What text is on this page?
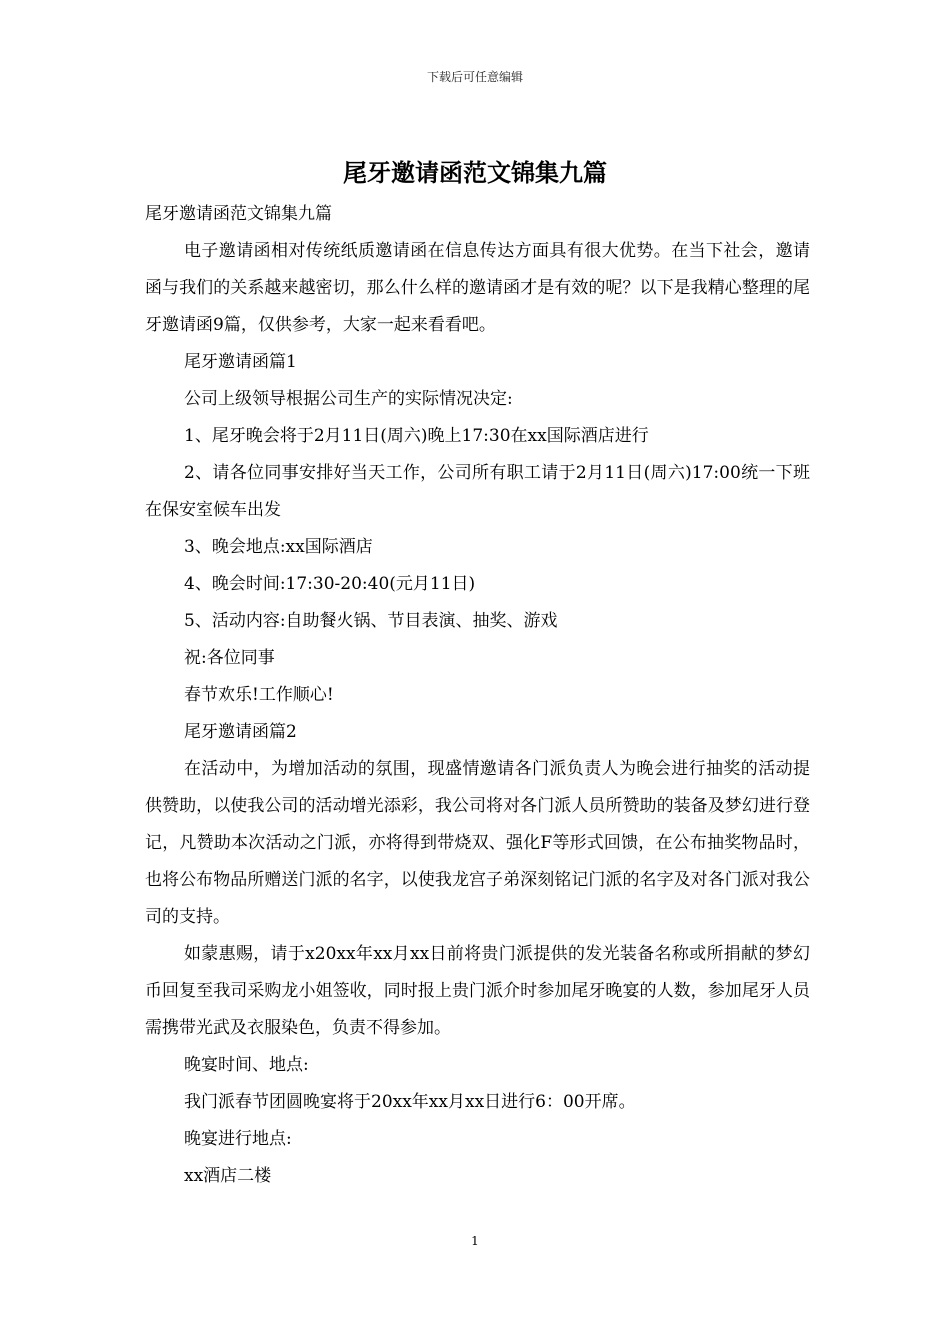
下载后可任意编辑
尾牙邀请函范文锦集九篇

尾牙邀请函范文锦集九篇

电子邀请函相对传统纸质邀请函在信息传达方面具有很大优势。在当下社会，邀请函与我们的关系越来越密切，那么什么样的邀请函才是有效的呢？以下是我精心整理的尾牙邀请函9篇，仅供参考，大家一起来看看吧。

尾牙邀请函篇1

公司上级领导根据公司生产的实际情况决定:

1、尾牙晚会将于2月11日(周六)晚上17:30在xx国际酒店进行

2、请各位同事安排好当天工作，公司所有职工请于2月11日(周六)17:00统一下班在保安室候车出发

3、晚会地点:xx国际酒店

4、晚会时间:17:30-20:40(元月11日)

5、活动内容:自助餐火锅、节目表演、抽奖、游戏

祝:各位同事

春节欢乐!工作顺心!

尾牙邀请函篇2

在活动中，为增加活动的氛围，现盛情邀请各门派负责人为晚会进行抽奖的活动提供赞助，以使我公司的活动增光添彩，我公司将对各门派人员所赞助的装备及梦幻进行登记，凡赞助本次活动之门派，亦将得到带烧双、强化F等形式回馈，在公布抽奖物品时，也将公布物品所赠送门派的名字，以使我龙宫子弟深刻铭记门派的名字及对各门派对我公司的支持。

如蒙惠赐，请于x20xx年xx月xx日前将贵门派提供的发光装备名称或所捐献的梦幻币回复至我司采购龙小姐签收，同时报上贵门派介时参加尾牙晚宴的人数，参加尾牙人员需携带光武及衣服染色，负责不得参加。

晚宴时间、地点:

我门派春节团圆晚宴将于20xx年xx月xx日进行6：00开席。

晚宴进行地点:

xx酒店二楼

1
